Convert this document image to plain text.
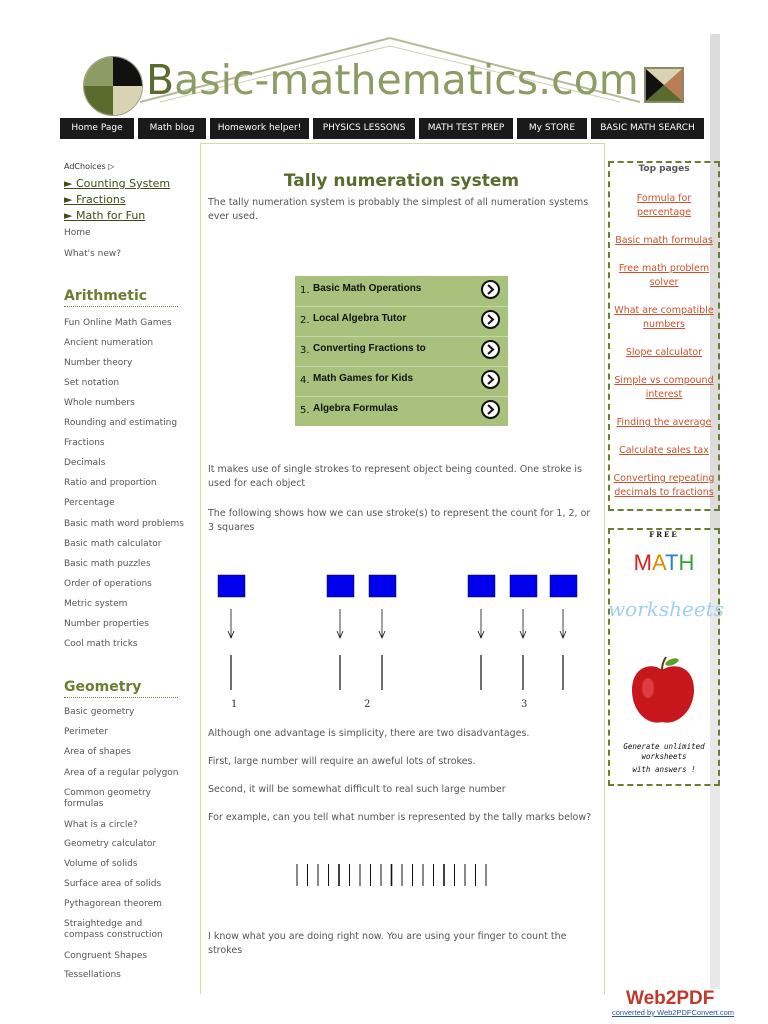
Basic-mathematics.com
Home Page	Math blog	Homework helper!	PHYSICS LESSONS	MATH TEST PREP	My STORE	BASIC MATH SEARCH
AdChoices ▷
► Counting System
► Fractions
► Math for Fun
Home
What's new?
Arithmetic
Fun Online Math Games
Ancient numeration
Number theory
Set notation
Whole numbers
Rounding and estimating
Fractions
Decimals
Ratio and proportion
Percentage
Basic math word problems
Basic math calculator
Basic math puzzles
Order of operations
Metric system
Number properties
Cool math tricks
Geometry
Basic geometry
Perimeter
Area of shapes
Area of a regular polygon
Common geometry formulas
What is a circle?
Geometry calculator
Volume of solids
Surface area of solids
Pythagorean theorem
Straightedge and compass construction
Congruent Shapes
Tessellations
Tally numeration system
The tally numeration system is probably the simplest of all numeration systems ever used.
1. Basic Math Operations
2. Local Algebra Tutor
3. Converting Fractions to
4. Math Games for Kids
5. Algebra Formulas
It makes use of single strokes to represent object being counted. One stroke is used for each object
The following shows how we can use stroke(s) to represent the count for 1, 2, or 3 squares
1	2	3
Although one advantage is simplicity, there are two disadvantages.
First, large number will require an aweful lots of strokes.
Second, it will be somewhat difficult to real such large number
For example, can you tell what number is represented by the tally marks below?
I know what you are doing right now. You are using your finger to count the strokes
Top pages
Formula for percentage
Basic math formulas
Free math problem solver
What are compatible numbers
Slope calculator
Simple vs compound interest
Finding the average
Calculate sales tax
Converting repeating decimals to fractions
FREE
MATH
worksheets
Generate unlimited worksheets
with answers !
Web2PDF
converted by Web2PDFConvert.com
